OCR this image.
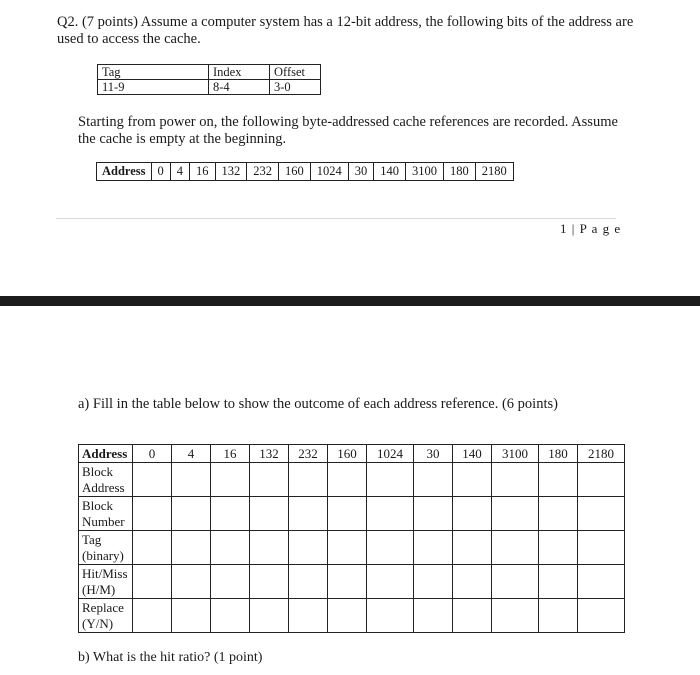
Q2. (7 points) Assume a computer system has a 12-bit address, the following bits of the address are used to access the cache.
Tag	Index	Offset
11-9	8-4	3-0
Starting from power on, the following byte-addressed cache references are recorded. Assume the cache is empty at the beginning.
Address	0	4	16	132	232	160	1024	30	140	3100	180	2180
1 | P a g e
a) Fill in the table below to show the outcome of each address reference. (6 points)
Address	0	4	16	132	232	160	1024	30	140	3100	180	2180
Block Address												
Block Number												
Tag (binary)												
Hit/Miss (H/M)												
Replace (Y/N)												
b) What is the hit ratio? (1 point)
